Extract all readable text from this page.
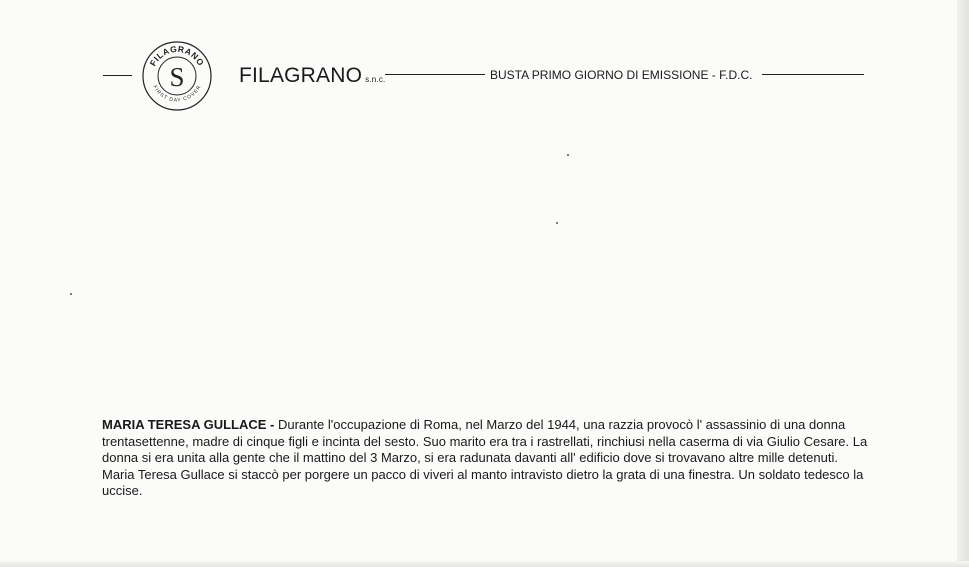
FILAGRANO
FIRST DAY COVER
S	FILAGRANO s.n.c.	BUSTA PRIMO GIORNO DI EMISSIONE - F.D.C.
MARIA TERESA GULLACE - Durante l'occupazione di Roma, nel Marzo del 1944, una razzia provocò l' assassinio di una donna trentasettenne, madre di cinque figli e incinta del sesto. Suo marito era tra i rastrellati, rinchiusi nella caserma di via Giulio Cesare. La donna si era unita alla gente che il mattino del 3 Marzo, si era radunata davanti all' edificio dove si trovavano altre mille detenuti. Maria Teresa Gullace si staccò per porgere un pacco di viveri al manto intravisto dietro la grata di una finestra. Un soldato tedesco la uccise.
